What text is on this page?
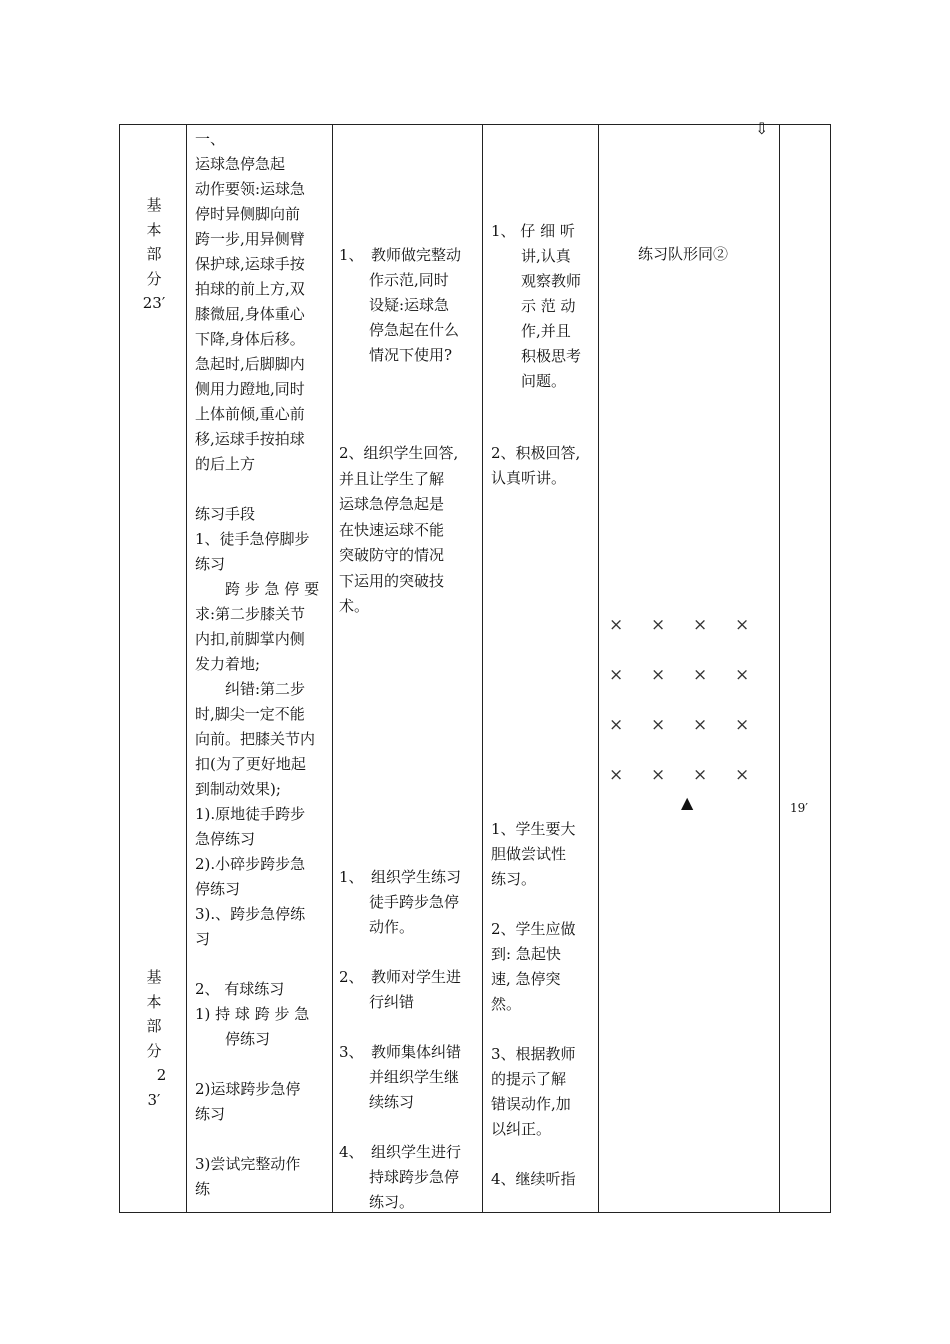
基
本
部
分
23′
基
本
部
分
　2
3′
一、
运球急停急起
动作要领:运球急
停时异侧脚向前
跨一步,用异侧臂
保护球,运球手按
拍球的前上方,双
膝微屈,身体重心
下降,身体后移。
急起时,后脚脚内
侧用力蹬地,同时
上体前倾,重心前
移,运球手按拍球
的后上方

练习手段
1、徒手急停脚步
练习
　　跨 步 急 停 要
求:第二步膝关节
内扣,前脚掌内侧
发力着地;
　　纠错:第二步
时,脚尖一定不能
向前。把膝关节内
扣(为了更好地起
到制动效果);
1).原地徒手跨步
急停练习
2).小碎步跨步急
停练习
3).、跨步急停练
习

2、 有球练习
1) 持 球 跨 步 急
　　停练习

2)运球跨步急停
练习

3)尝试完整动作
练
1、　教师做完整动
　　作示范,同时
　　设疑:运球急
　　停急起在什么
　　情况下使用?
2、组织学生回答,
并且让学生了解
运球急停急起是
在快速运球不能
突破防守的情况
下运用的突破技
术。
1、　组织学生练习
　　徒手跨步急停
　　动作。

2、　教师对学生进
　　行纠错

3、　教师集体纠错
　　并组织学生继
　　续练习

4、　组织学生进行
　　持球跨步急停
　　练习。
1、 仔 细 听
　　讲,认真
　　观察教师
　　示 范 动
　　作,并且
　　积极思考
　　问题。
2、积极回答,
认真听讲。
1、学生要大
胆做尝试性
练习。

2、学生应做
到: 急起快
速, 急停突
然。

3、根据教师
的提示了解
错误动作,加
以纠正。

4、继续听指
练习队形同②
⇩
× × × ×
× × × ×
× × × ×
× × × ×
▲	19′
